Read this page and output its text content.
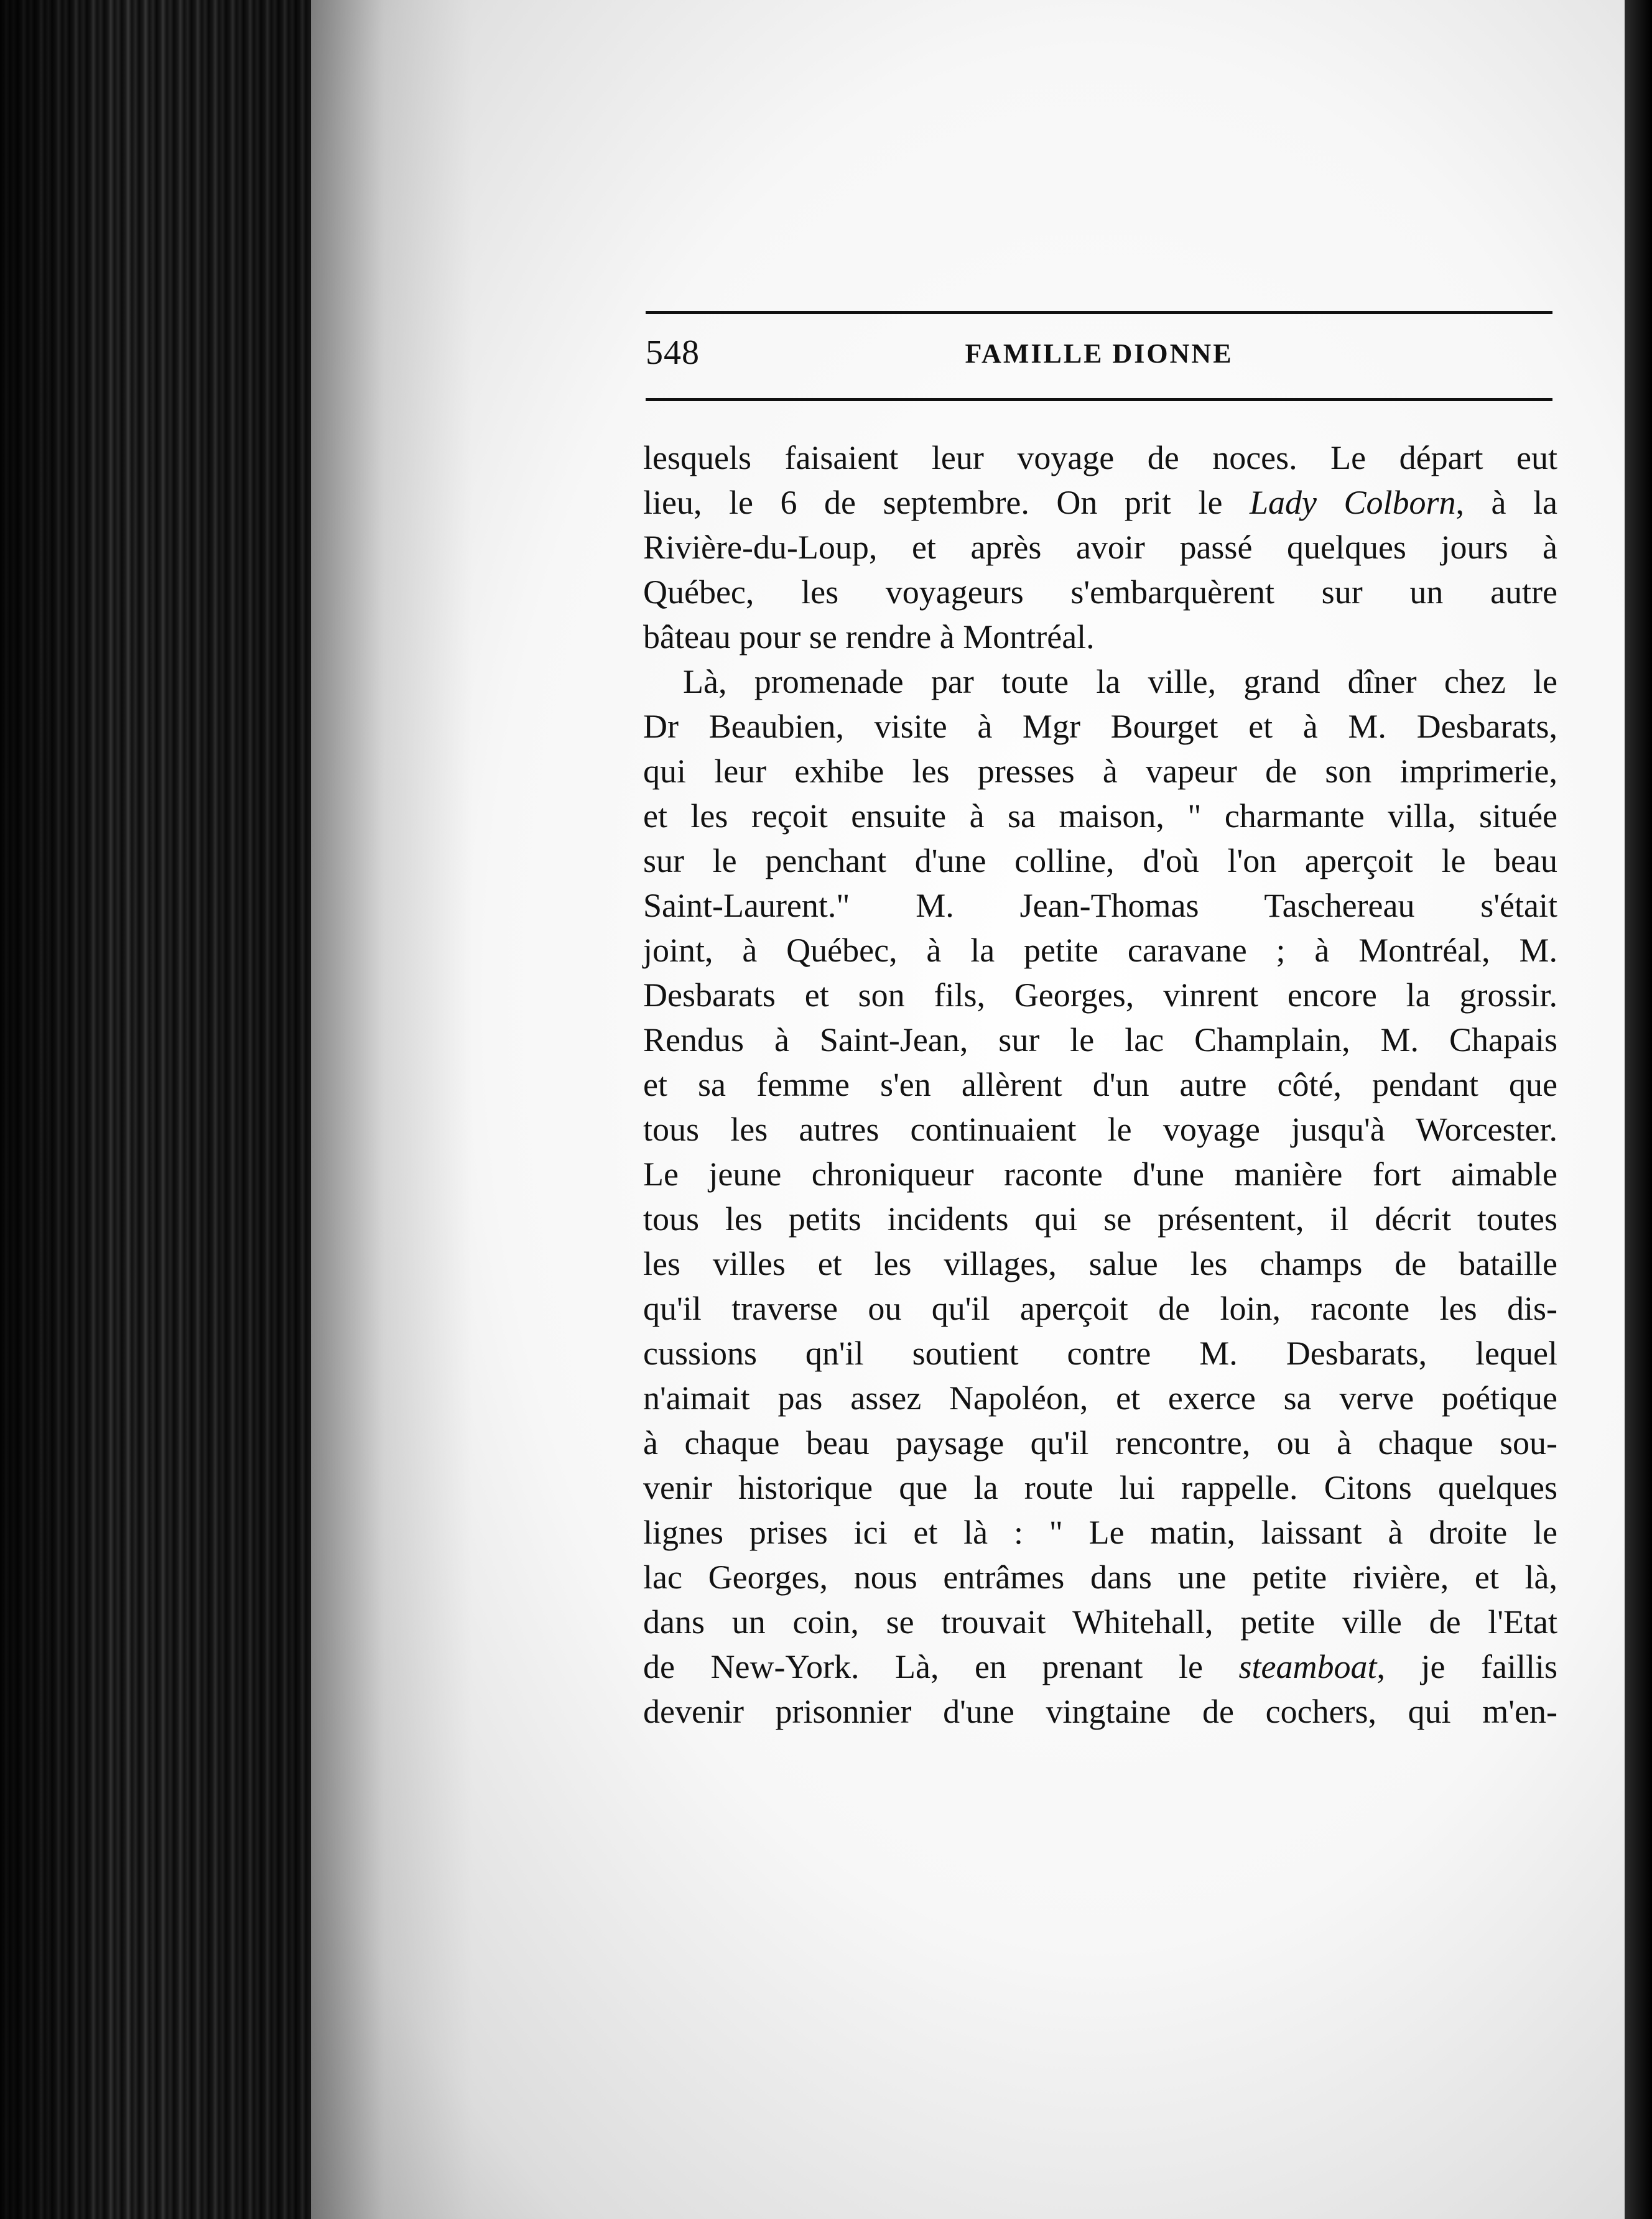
548	FAMILLE DIONNE
lesquels faisaient leur voyage de noces. Le départ eut
lieu, le 6 de septembre. On prit le Lady Colborn, à la
Rivière-du-Loup, et après avoir passé quelques jours à
Québec, les voyageurs s'embarquèrent sur un autre
bâteau pour se rendre à Montréal.
Là, promenade par toute la ville, grand dîner chez le
Dr Beaubien, visite à Mgr Bourget et à M. Desbarats,
qui leur exhibe les presses à vapeur de son imprimerie,
et les reçoit ensuite à sa maison, " charmante villa, située
sur le penchant d'une colline, d'où l'on aperçoit le beau
Saint-Laurent." M. Jean-Thomas Taschereau s'était
joint, à Québec, à la petite caravane ; à Montréal, M.
Desbarats et son fils, Georges, vinrent encore la grossir.
Rendus à Saint-Jean, sur le lac Champlain, M. Chapais
et sa femme s'en allèrent d'un autre côté, pendant que
tous les autres continuaient le voyage jusqu'à Worcester.
Le jeune chroniqueur raconte d'une manière fort aimable
tous les petits incidents qui se présentent, il décrit toutes
les villes et les villages, salue les champs de bataille
qu'il traverse ou qu'il aperçoit de loin, raconte les dis-
cussions qn'il soutient contre M. Desbarats, lequel
n'aimait pas assez Napoléon, et exerce sa verve poétique
à chaque beau paysage qu'il rencontre, ou à chaque sou-
venir historique que la route lui rappelle. Citons quelques
lignes prises ici et là : " Le matin, laissant à droite le
lac Georges, nous entrâmes dans une petite rivière, et là,
dans un coin, se trouvait Whitehall, petite ville de l'Etat
de New-York. Là, en prenant le steamboat, je faillis
devenir prisonnier d'une vingtaine de cochers, qui m'en-
